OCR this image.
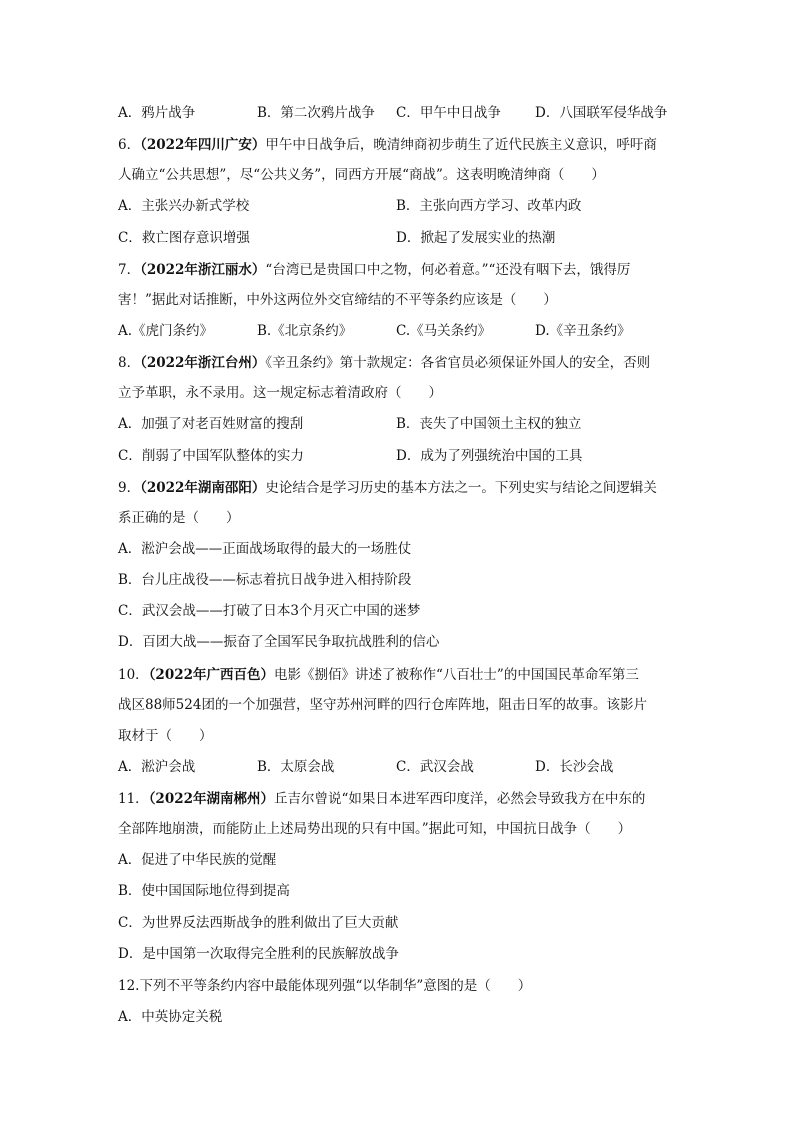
A．鸦片战争	B．第二次鸦片战争 C．甲午中日战争	D．八国联军侵华战争
6．（2022年四川广安）甲午中日战争后，晚清绅商初步萌生了近代民族主义意识，呼吁商
人确立“公共思想”，尽“公共义务”，同西方开展“商战”。这表明晚清绅商（　　）
A．主张兴办新式学校	B．主张向西方学习、改革内政
C．救亡图存意识增强	D．掀起了发展实业的热潮
7．（2022年浙江丽水）“台湾已是贵国口中之物，何必着意。”“还没有咽下去，饿得厉
害！”据此对话推断，中外这两位外交官缔结的不平等条约应该是（　　）
A.《虎门条约》	B.《北京条约》	C.《马关条约》	D.《辛丑条约》
8．（2022年浙江台州）《辛丑条约》第十款规定：各省官员必须保证外国人的安全，否则
立予革职，永不录用。这一规定标志着清政府（　　）
A．加强了对老百姓财富的搜刮	B．丧失了中国领土主权的独立
C．削弱了中国军队整体的实力	D．成为了列强统治中国的工具
9．（2022年湖南邵阳）史论结合是学习历史的基本方法之一。下列史实与结论之间逻辑关
系正确的是（　　）
A．淞沪会战——正面战场取得的最大的一场胜仗
B．台儿庄战役——标志着抗日战争进入相持阶段
C．武汉会战——打破了日本3个月灭亡中国的迷梦
D．百团大战——振奋了全国军民争取抗战胜利的信心
10．（2022年广西百色）电影《捌佰》讲述了被称作“八百壮士”的中国国民革命军第三
战区88师524团的一个加强营，坚守苏州河畔的四行仓库阵地，阻击日军的故事。该影片
取材于（　　）
A．淞沪会战	B．太原会战	C．武汉会战	D．长沙会战
11．（2022年湖南郴州）丘吉尔曾说“如果日本进军西印度洋，必然会导致我方在中东的
全部阵地崩溃，而能防止上述局势出现的只有中国。”据此可知，中国抗日战争（　　）
A．促进了中华民族的觉醒
B．使中国国际地位得到提高
C．为世界反法西斯战争的胜利做出了巨大贡献
D．是中国第一次取得完全胜利的民族解放战争
12.下列不平等条约内容中最能体现列强“以华制华”意图的是（　　）
A．中英协定关税
